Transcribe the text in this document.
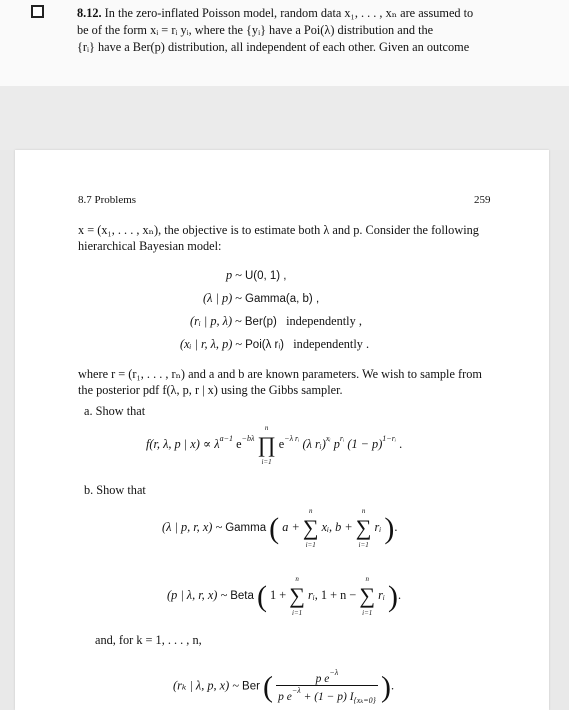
8.12. In the zero-inflated Poisson model, random data x₁, . . . , xₙ are assumed to
be of the form xᵢ = rᵢ yᵢ, where the {yᵢ} have a Poi(λ) distribution and the
{rᵢ} have a Ber(p) distribution, all independent of each other. Given an outcome
8.7 Problems	259
x = (x₁, . . . , xₙ), the objective is to estimate both λ and p. Consider the following
hierarchical Bayesian model:
p ~ U(0, 1) ,
(λ | p) ~ Gamma(a, b) ,
(rᵢ | p, λ) ~ Ber(p) independently ,
(xᵢ | r, λ, p) ~ Poi(λ rᵢ) independently .
where r = (r₁, . . . , rₙ) and a and b are known parameters. We wish to sample from
the posterior pdf f(λ, p, r | x) using the Gibbs sampler.
a. Show that
f(r, λ, p | $x) \propto \lambda^{a-1}$ $e^{-b\lambda}$
n
∏
i=1
$e^{-\lambda rᵢ}$ (λ rᵢ)$^{xᵢ}$ $p^{rᵢ}$ $(1 - p)^{1-rᵢ}$ .
b. Show that
(λ | p, r, x) ~ Gamma ( a +
n
∑
i=1
xᵢ, b +
n
∑
i=1
rᵢ ).
(p | λ, r, x) ~ Beta ( 1 +
n
∑
i=1
rᵢ, 1 + n −
n
∑
i=1
rᵢ ).
and, for k = 1, . . . , n,
(rₖ | λ, p, x) ~ Ber ( $\frac{p e^{-\lambda}}{p e^{-\lambda} + (1 - p) I_{\{x_k=0\}}}$ ).
